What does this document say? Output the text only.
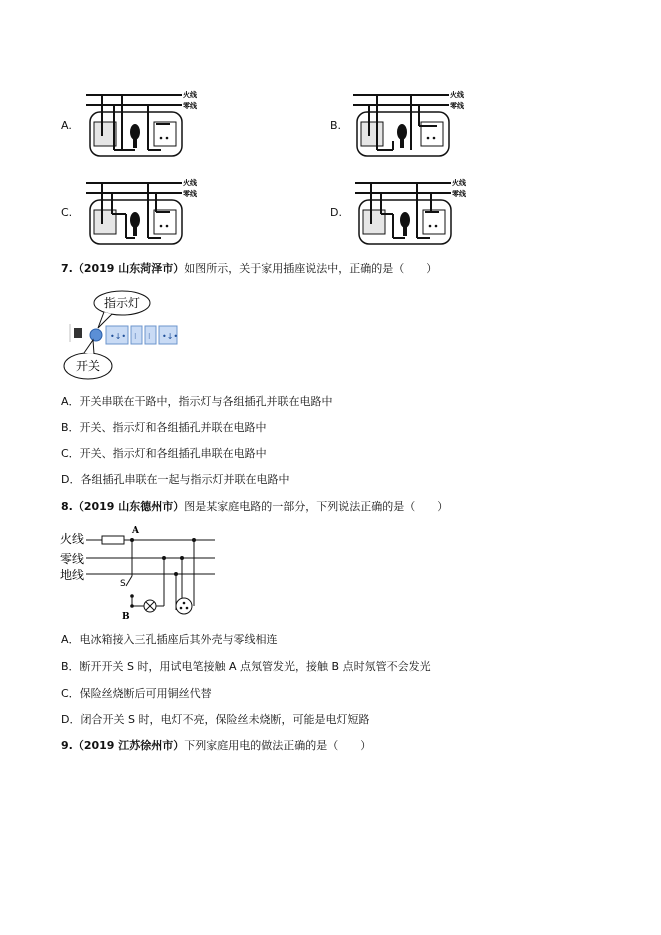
A.
火线
零线
B.
火线
零线
C.
火线
零线
D.
火线
零线
7.（2019 山东菏泽市）如图所示，关于家用插座说法中，正确的是（　　）
指示灯
•↓• ⁝ ⁝ •↓•
开关
A．开关串联在干路中，指示灯与各组插孔并联在电路中
B．开关、指示灯和各组插孔并联在电路中
C．开关、指示灯和各组插孔串联在电路中
D．各组插孔串联在一起与指示灯并联在电路中
8.（2019 山东德州市）图是某家庭电路的一部分，下列说法正确的是（　　）
火线
零线
地线
A
S
B
A．电冰箱接入三孔插座后其外壳与零线相连
B．断开开关 S 时，用试电笔接触 A 点氖管发光，接触 B 点时氖管不会发光
C．保险丝烧断后可用铜丝代替
D．闭合开关 S 时，电灯不亮，保险丝未烧断，可能是电灯短路
9.（2019 江苏徐州市）下列家庭用电的做法正确的是（　　）
